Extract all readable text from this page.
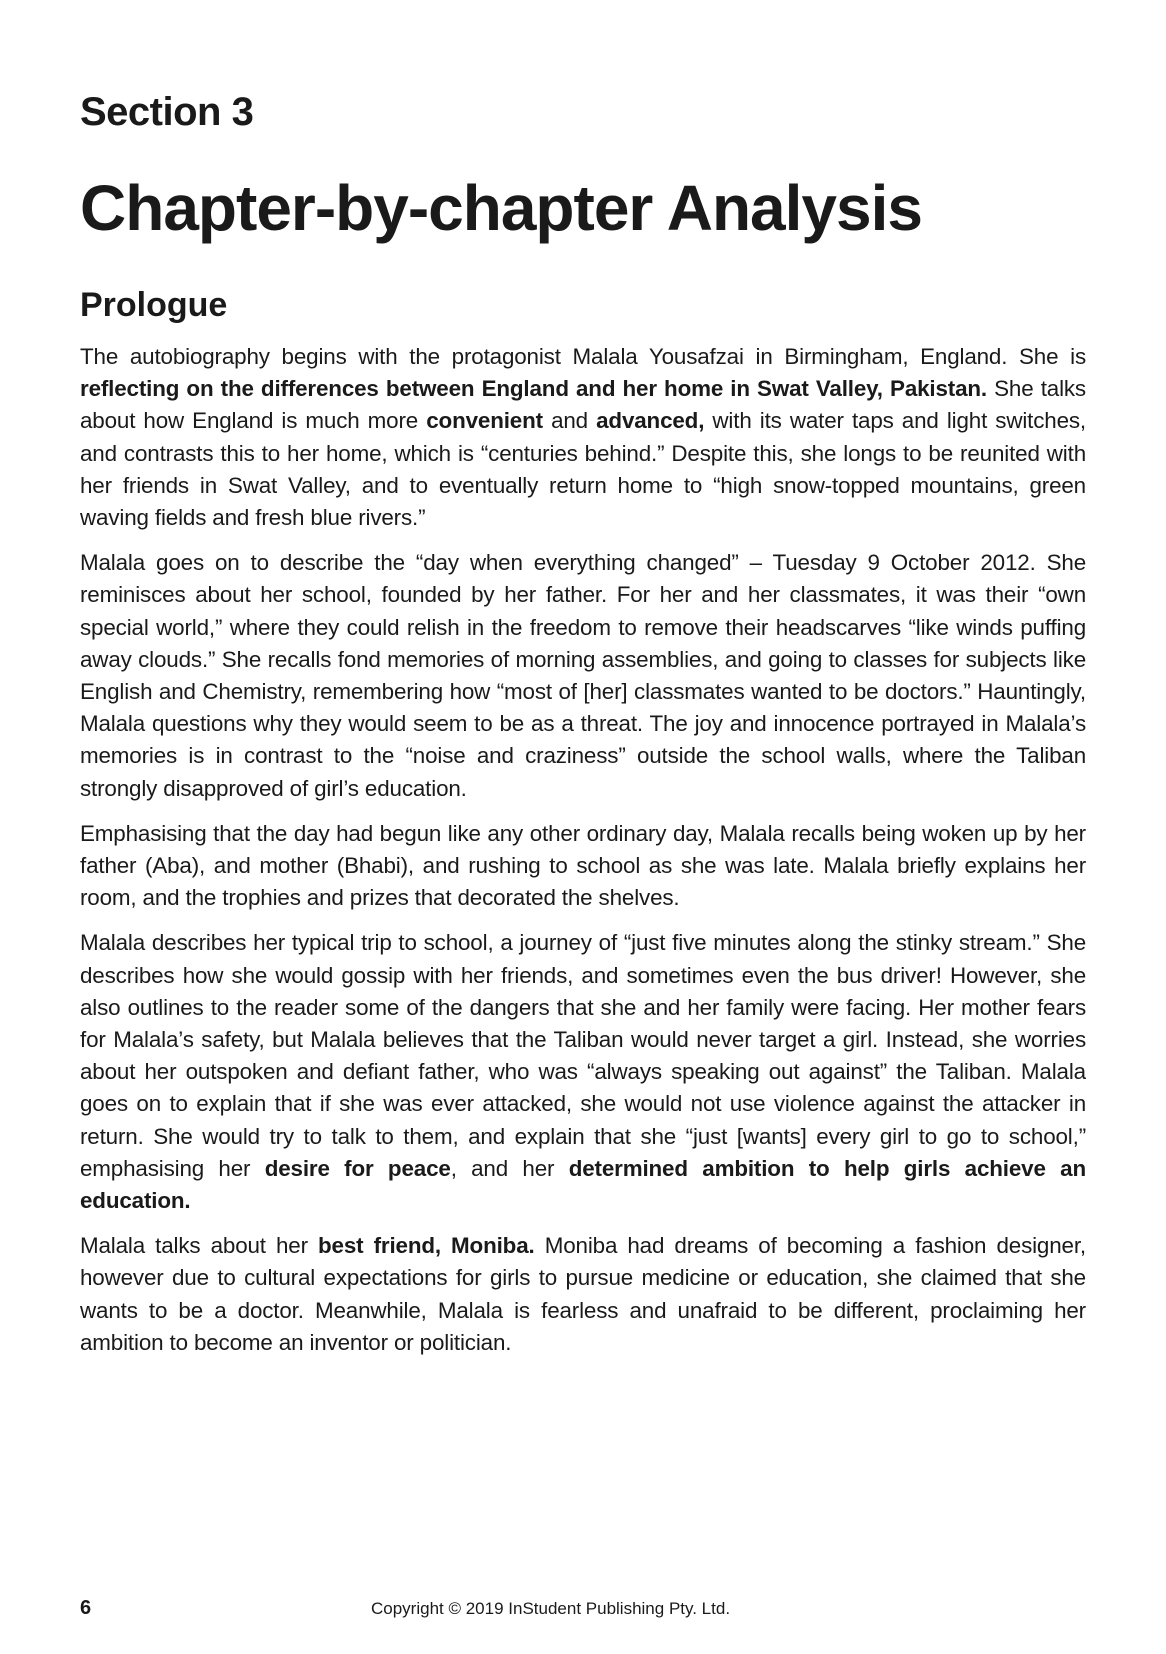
Section 3
Chapter-by-chapter Analysis
Prologue

The autobiography begins with the protagonist Malala Yousafzai in Birmingham, England. She is reflecting on the differences between England and her home in Swat Valley, Pakistan. She talks about how England is much more convenient and advanced, with its water taps and light switches, and contrasts this to her home, which is “centuries behind.” Despite this, she longs to be reunited with her friends in Swat Valley, and to eventually return home to “high snow-topped mountains, green waving fields and fresh blue rivers.”

Malala goes on to describe the “day when everything changed” – Tuesday 9 October 2012. She reminisces about her school, founded by her father. For her and her classmates, it was their “own special world,” where they could relish in the freedom to remove their headscarves “like winds puffing away clouds.” She recalls fond memories of morning assemblies, and going to classes for subjects like English and Chemistry, remembering how “most of [her] classmates wanted to be doctors.” Hauntingly, Malala questions why they would seem to be as a threat. The joy and innocence portrayed in Malala’s memories is in contrast to the “noise and craziness” outside the school walls, where the Taliban strongly disapproved of girl’s education.

Emphasising that the day had begun like any other ordinary day, Malala recalls being woken up by her father (Aba), and mother (Bhabi), and rushing to school as she was late. Malala briefly explains her room, and the trophies and prizes that decorated the shelves.

Malala describes her typical trip to school, a journey of “just five minutes along the stinky stream.” She describes how she would gossip with her friends, and sometimes even the bus driver! However, she also outlines to the reader some of the dangers that she and her family were facing. Her mother fears for Malala’s safety, but Malala believes that the Taliban would never target a girl. Instead, she worries about her outspoken and defiant father, who was “always speaking out against” the Taliban. Malala goes on to explain that if she was ever attacked, she would not use violence against the attacker in return. She would try to talk to them, and explain that she “just [wants] every girl to go to school,” emphasising her desire for peace, and her determined ambition to help girls achieve an education.

Malala talks about her best friend, Moniba. Moniba had dreams of becoming a fashion designer, however due to cultural expectations for girls to pursue medicine or education, she claimed that she wants to be a doctor. Meanwhile, Malala is fearless and unafraid to be different, proclaiming her ambition to become an inventor or politician.

6	Copyright © 2019 InStudent Publishing Pty. Ltd.
